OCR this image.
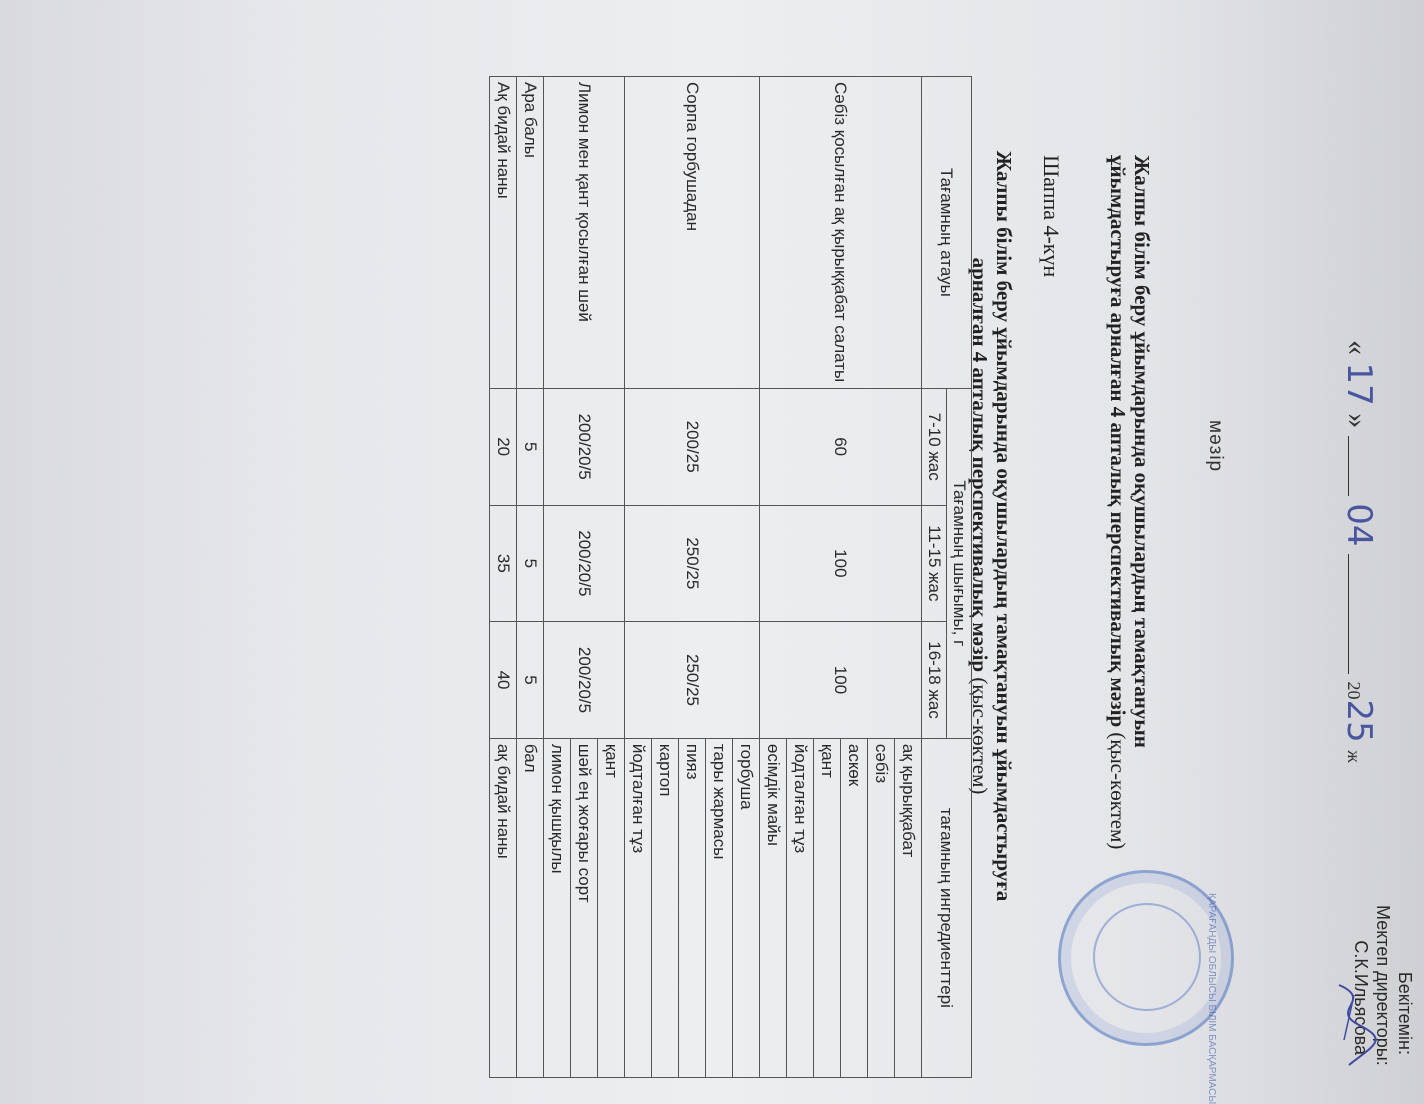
Бекітемін:
Мектеп директоры:
С.К.Ильясова
ҚАРАҒАНДЫ ОБЛЫСЫ БІЛІМ БАСҚАРМАСЫ
« 17 »  04  2025 ж
мәзір
Жалпы білім беру ұйымдарында оқушылардың тамақтануын
ұйымдастыруға арналған 4 апталық перспективалық мәзір (қыс-көктем)
Шаппа 4-күн
Жалпы білім беру ұйымдарында оқушылардың тамақтануын ұйымдастыруға
арналған 4 апталық перспективалық мәзір (қыс-көктем)
Тағамның атауы	Тағамның шығымы, г			тағамның ингредиенттері
	7-10 жас	11-15 жас	16-18 жас	
Сәбіз қосылған ақ қырыққабат салаты	60	100	100	ақ қырыққабат
				сәбіз
				аскөк
				қант
				йодталған тұз
				өсімдік майы
Сорпа горбушадан	200/25	250/25	250/25	горбуша
				тары жармасы
				пияз
				картоп
				йодталған тұз
Лимон мен қант қосылған шәй	200/20/5	200/20/5	200/20/5	қант
				шәй ең жоғары сорт
				лимон қышқылы
Ара балы	5	5	5	бал
Ақ бидай наны	20	35	40	ақ бидай наны
